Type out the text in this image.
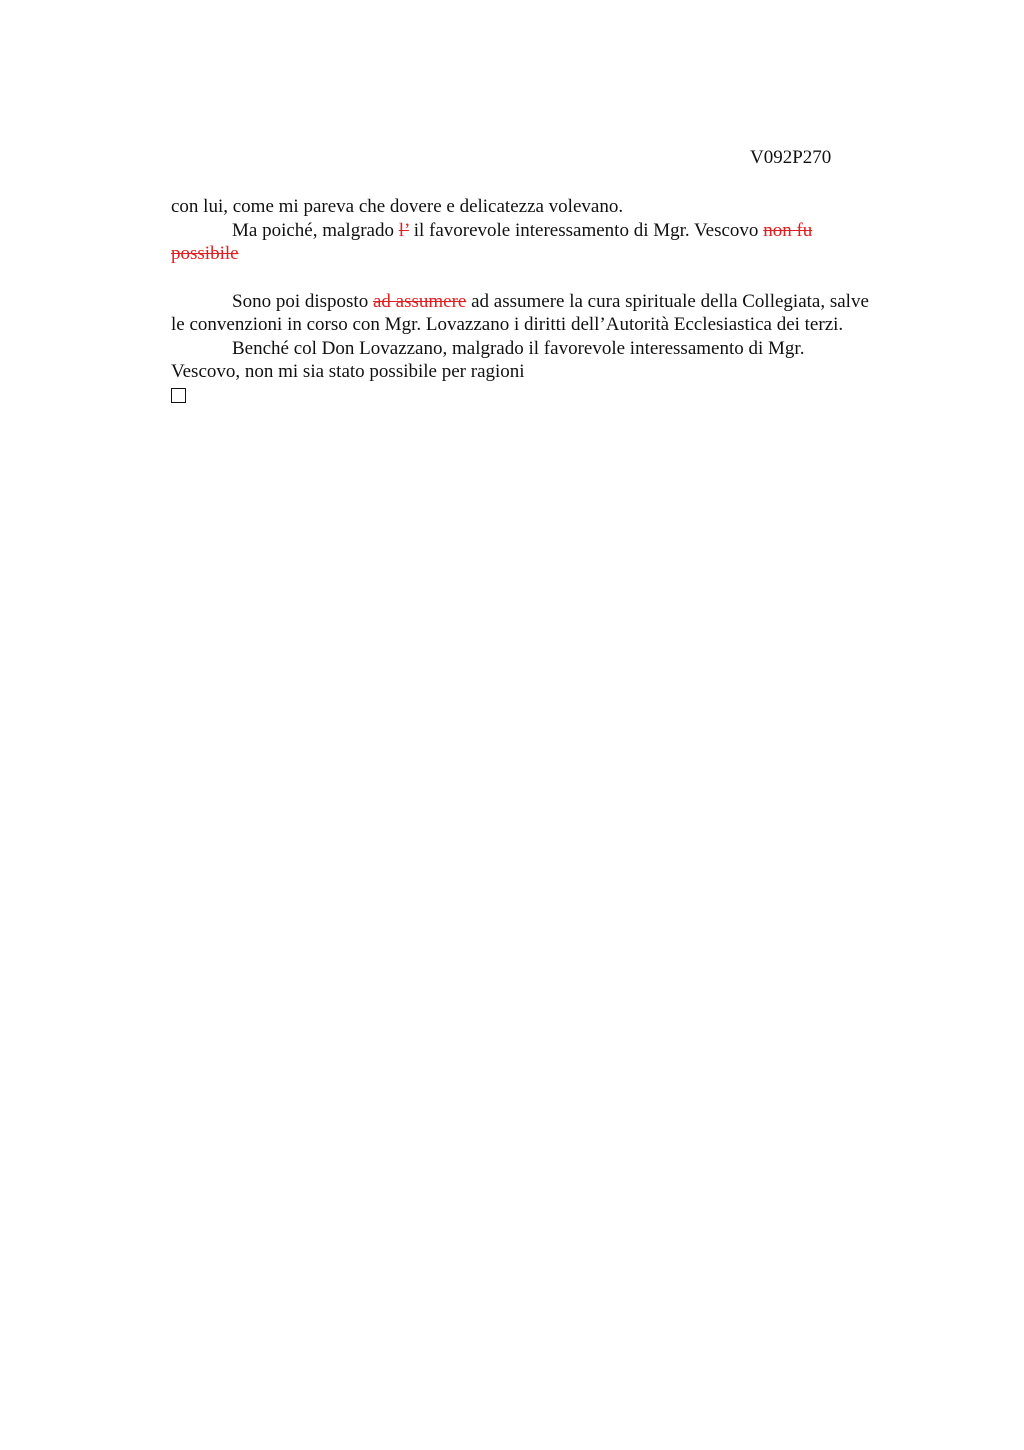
V092P270
con lui, come mi pareva che dovere e delicatezza volevano.
Ma poiché, malgrado l’ il favorevole interessamento di Mgr. Vescovo non fu
possibile
Sono poi disposto ad assumere ad assumere la cura spirituale della Collegiata, salve
le convenzioni in corso con Mgr. Lovazzano i diritti dell’Autorità Ecclesiastica dei terzi.
Benché col Don Lovazzano, malgrado il favorevole interessamento di Mgr.
Vescovo, non mi sia stato possibile per ragioni
